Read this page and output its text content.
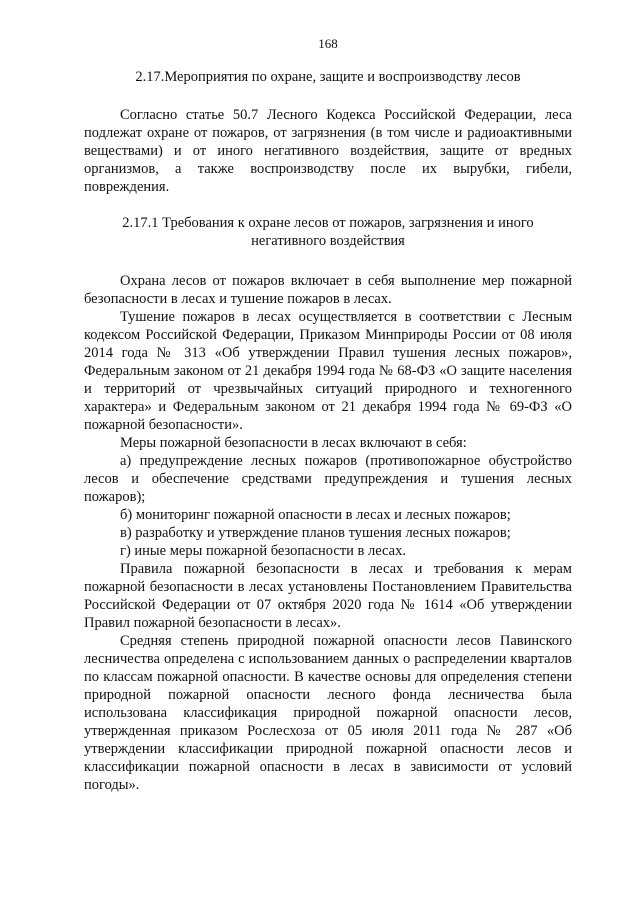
168
2.17.Мероприятия по охране, защите и воспроизводству лесов

Согласно статье 50.7 Лесного Кодекса Российской Федерации, леса подлежат охране от пожаров, от загрязнения (в том числе и радиоактивными веществами) и от иного негативного воздействия, защите от вредных организмов, а также воспроизводству после их вырубки, гибели, повреждения.

2.17.1 Требования к охране лесов от пожаров, загрязнения и иного негативного воздействия

Охрана лесов от пожаров включает в себя выполнение мер пожарной безопасности в лесах и тушение пожаров в лесах.

Тушение пожаров в лесах осуществляется в соответствии с Лесным кодексом Российской Федерации, Приказом Минприроды России от 08 июля 2014 года № 313 «Об утверждении Правил тушения лесных пожаров», Федеральным законом от 21 декабря 1994 года № 68-ФЗ «О защите населения и территорий от чрезвычайных ситуаций природного и техногенного характера» и Федеральным законом от 21 декабря 1994 года № 69-ФЗ «О пожарной безопасности».

Меры пожарной безопасности в лесах включают в себя:

а) предупреждение лесных пожаров (противопожарное обустройство лесов и обеспечение средствами предупреждения и тушения лесных пожаров);

б) мониторинг пожарной опасности в лесах и лесных пожаров;

в) разработку и утверждение планов тушения лесных пожаров;

г) иные меры пожарной безопасности в лесах.

Правила пожарной безопасности в лесах и требования к мерам пожарной безопасности в лесах установлены Постановлением Правительства Российской Федерации от 07 октября 2020 года № 1614 «Об утверждении Правил пожарной безопасности в лесах».

Средняя степень природной пожарной опасности лесов Павинского лесничества определена с использованием данных о распределении кварталов по классам пожарной опасности. В качестве основы для определения степени природной пожарной опасности лесного фонда лесничества была использована классификация природной пожарной опасности лесов, утвержденная приказом Рослесхоза от 05 июля 2011 года № 287 «Об утверждении классификации природной пожарной опасности лесов и классификации пожарной опасности в лесах в зависимости от условий погоды».
